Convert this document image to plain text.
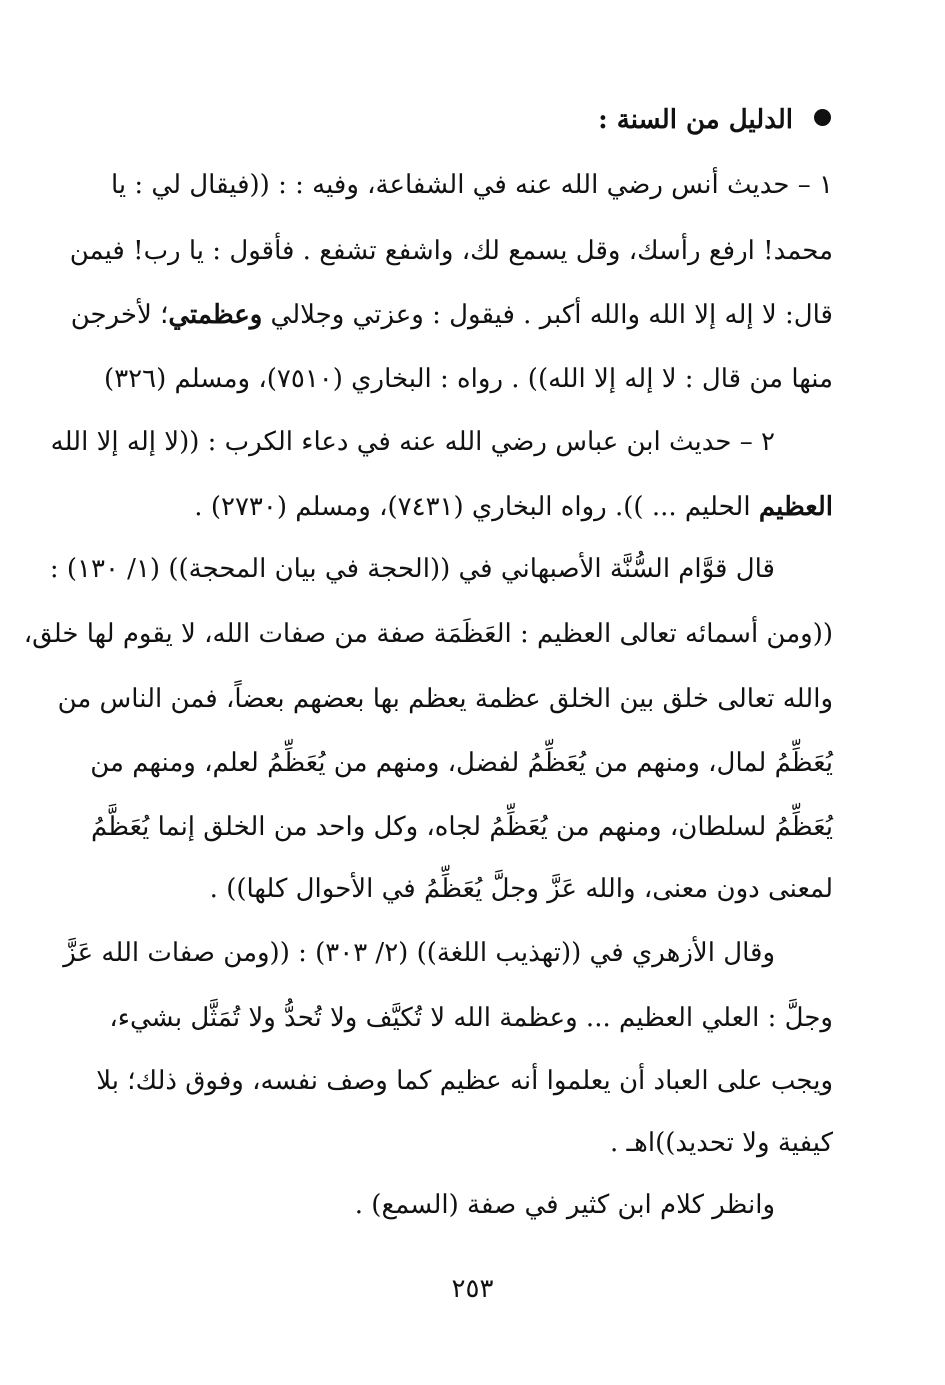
الدليل من السنة :
١ – حديث أنس رضي الله عنه في الشفاعة، وفيه : : ((فيقال لي : يا
محمد! ارفع رأسك، وقل يسمع لك، واشفع تشفع . فأقول : يا رب! فيمن
قال: لا إله إلا الله والله أكبر . فيقول : وعزتي وجلالي وعظمتي؛ لأخرجن
منها من قال : لا إله إلا الله)) . رواه : البخاري (٧٥١٠)، ومسلم (٣٢٦)
٢ – حديث ابن عباس رضي الله عنه في دعاء الكرب : ((لا إله إلا الله
العظيم الحليم ... )). رواه البخاري (٧٤٣١)، ومسلم (٢٧٣٠) .
قال قوَّام السُّنَّة الأصبهاني في ((الحجة في بيان المحجة)) (١/ ١٣٠) :
((ومن أسمائه تعالى العظيم : العَظَمَة صفة من صفات الله، لا يقوم لها خلق،
والله تعالى خلق بين الخلق عظمة يعظم بها بعضهم بعضاً، فمن الناس من
يُعَظِّمُ لمال، ومنهم من يُعَظِّمُ لفضل، ومنهم من يُعَظِّمُ لعلم، ومنهم من
يُعَظِّمُ لسلطان، ومنهم من يُعَظِّمُ لجاه، وكل واحد من الخلق إنما يُعَظَّمُ
لمعنى دون معنى، والله عَزَّ وجلَّ يُعَظِّمُ في الأحوال كلها)) .
وقال الأزهري في ((تهذيب اللغة)) (٢/ ٣٠٣) : ((ومن صفات الله عَزَّ
وجلَّ : العلي العظيم ... وعظمة الله لا تُكيَّف ولا تُحدُّ ولا تُمَثَّل بشيء،
ويجب على العباد أن يعلموا أنه عظيم كما وصف نفسه، وفوق ذلك؛ بلا
كيفية ولا تحديد))اهـ .
وانظر كلام ابن كثير في صفة (السمع) .
٢٥٣
